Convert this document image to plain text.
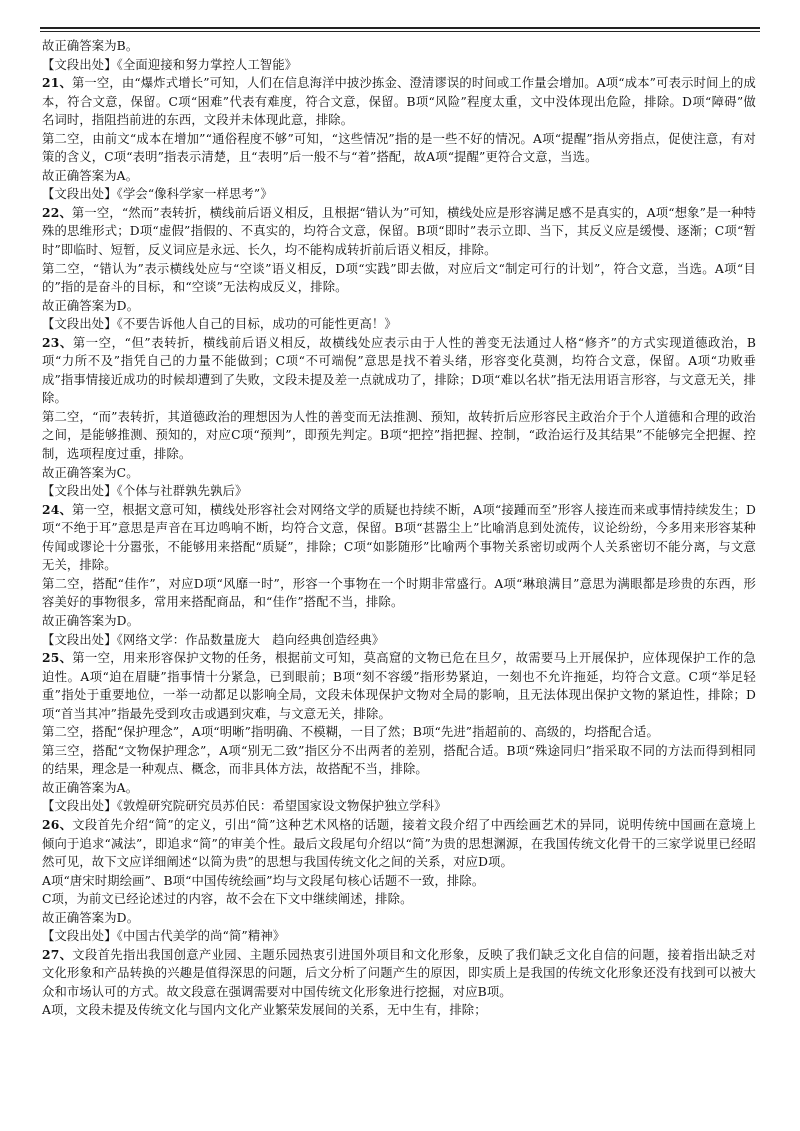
故正确答案为B。

【文段出处】《全面迎接和努力掌控人工智能》

21、第一空，由“爆炸式增长”可知，人们在信息海洋中披沙拣金、澄清谬误的时间或工作量会增加。A项“成本”可表示时间上的成本，符合文意，保留。C项“困难”代表有难度，符合文意，保留。B项“风险”程度太重，文中没体现出危险，排除。D项“障碍”做名词时，指阻挡前进的东西，文段并未体现此意，排除。

第二空，由前文“成本在增加”“通俗程度不够”可知，“这些情况”指的是一些不好的情况。A项“提醒”指从旁指点，促使注意，有对策的含义，C项“表明”指表示清楚，且“表明”后一般不与“着”搭配，故A项“提醒”更符合文意，当选。

故正确答案为A。

【文段出处】《学会“像科学家一样思考”》

22、第一空，“然而”表转折，横线前后语义相反，且根据“错认为”可知，横线处应是形容满足感不是真实的，A项“想象”是一种特殊的思维形式；D项“虚假”指假的、不真实的，均符合文意，保留。B项“即时”表示立即、当下，其反义应是缓慢、逐渐；C项“暂时”即临时、短暂，反义词应是永远、长久，均不能构成转折前后语义相反，排除。

第二空，“错认为”表示横线处应与“空谈”语义相反，D项“实践”即去做，对应后文“制定可行的计划”，符合文意，当选。A项“目的”指的是奋斗的目标，和“空谈”无法构成反义，排除。

故正确答案为D。

【文段出处】《不要告诉他人自己的目标，成功的可能性更高！》

23、第一空，“但”表转折，横线前后语义相反，故横线处应表示由于人性的善变无法通过人格“修齐”的方式实现道德政治，B项“力所不及”指凭自己的力量不能做到；C项“不可端倪”意思是找不着头绪，形容变化莫测，均符合文意，保留。A项“功败垂成”指事情接近成功的时候却遭到了失败，文段未提及差一点就成功了，排除；D项“难以名状”指无法用语言形容，与文意无关，排除。

第二空，“而”表转折，其道德政治的理想因为人性的善变而无法推测、预知，故转折后应形容民主政治介于个人道德和合理的政治之间，是能够推测、预知的，对应C项“预判”，即预先判定。B项“把控”指把握、控制，“政治运行及其结果”不能够完全把握、控制，选项程度过重，排除。

故正确答案为C。

【文段出处】《个体与社群孰先孰后》

24、第一空，根据文意可知，横线处形容社会对网络文学的质疑也持续不断，A项“接踵而至”形容人接连而来或事情持续发生；D项“不绝于耳”意思是声音在耳边鸣响不断，均符合文意，保留。B项“甚嚣尘上”比喻消息到处流传，议论纷纷，今多用来形容某种传闻或谬论十分嚣张，不能够用来搭配“质疑”，排除；C项“如影随形”比喻两个事物关系密切或两个人关系密切不能分离，与文意无关，排除。

第二空，搭配“佳作”，对应D项“风靡一时”，形容一个事物在一个时期非常盛行。A项“琳琅满目”意思为满眼都是珍贵的东西，形容美好的事物很多，常用来搭配商品，和“佳作”搭配不当，排除。

故正确答案为D。

【文段出处】《网络文学：作品数量庞大　趋向经典创造经典》

25、第一空，用来形容保护文物的任务，根据前文可知，莫高窟的文物已危在旦夕，故需要马上开展保护，应体现保护工作的急迫性。A项“迫在眉睫”指事情十分紧急，已到眼前；B项“刻不容缓”指形势紧迫，一刻也不允许拖延，均符合文意。C项“举足轻重”指处于重要地位，一举一动都足以影响全局，文段未体现保护文物对全局的影响，且无法体现出保护文物的紧迫性，排除；D项“首当其冲”指最先受到攻击或遇到灾难，与文意无关，排除。

第二空，搭配“保护理念”，A项“明晰”指明确、不模糊，一目了然；B项“先进”指超前的、高级的，均搭配合适。

第三空，搭配“文物保护理念”，A项“别无二致”指区分不出两者的差别，搭配合适。B项“殊途同归”指采取不同的方法而得到相同的结果，理念是一种观点、概念，而非具体方法，故搭配不当，排除。

故正确答案为A。

【文段出处】《敦煌研究院研究员苏伯民：希望国家设文物保护独立学科》

26、文段首先介绍“简”的定义，引出“简”这种艺术风格的话题，接着文段介绍了中西绘画艺术的异同，说明传统中国画在意境上倾向于追求“减法”，即追求“简”的审美个性。最后文段尾句介绍以“简”为贵的思想渊源，在我国传统文化骨干的三家学说里已经昭然可见，故下文应详细阐述“以简为贵”的思想与我国传统文化之间的关系，对应D项。

A项“唐宋时期绘画”、B项“中国传统绘画”均与文段尾句核心话题不一致，排除。

C项，为前文已经论述过的内容，故不会在下文中继续阐述，排除。

故正确答案为D。

【文段出处】《中国古代美学的尚“简”精神》

27、文段首先指出我国创意产业园、主题乐园热衷引进国外项目和文化形象，反映了我们缺乏文化自信的问题，接着指出缺乏对文化形象和产品转换的兴趣是值得深思的问题，后文分析了问题产生的原因，即实质上是我国的传统文化形象还没有找到可以被大众和市场认可的方式。故文段意在强调需要对中国传统文化形象进行挖掘，对应B项。

A项，文段未提及传统文化与国内文化产业繁荣发展间的关系，无中生有，排除；
